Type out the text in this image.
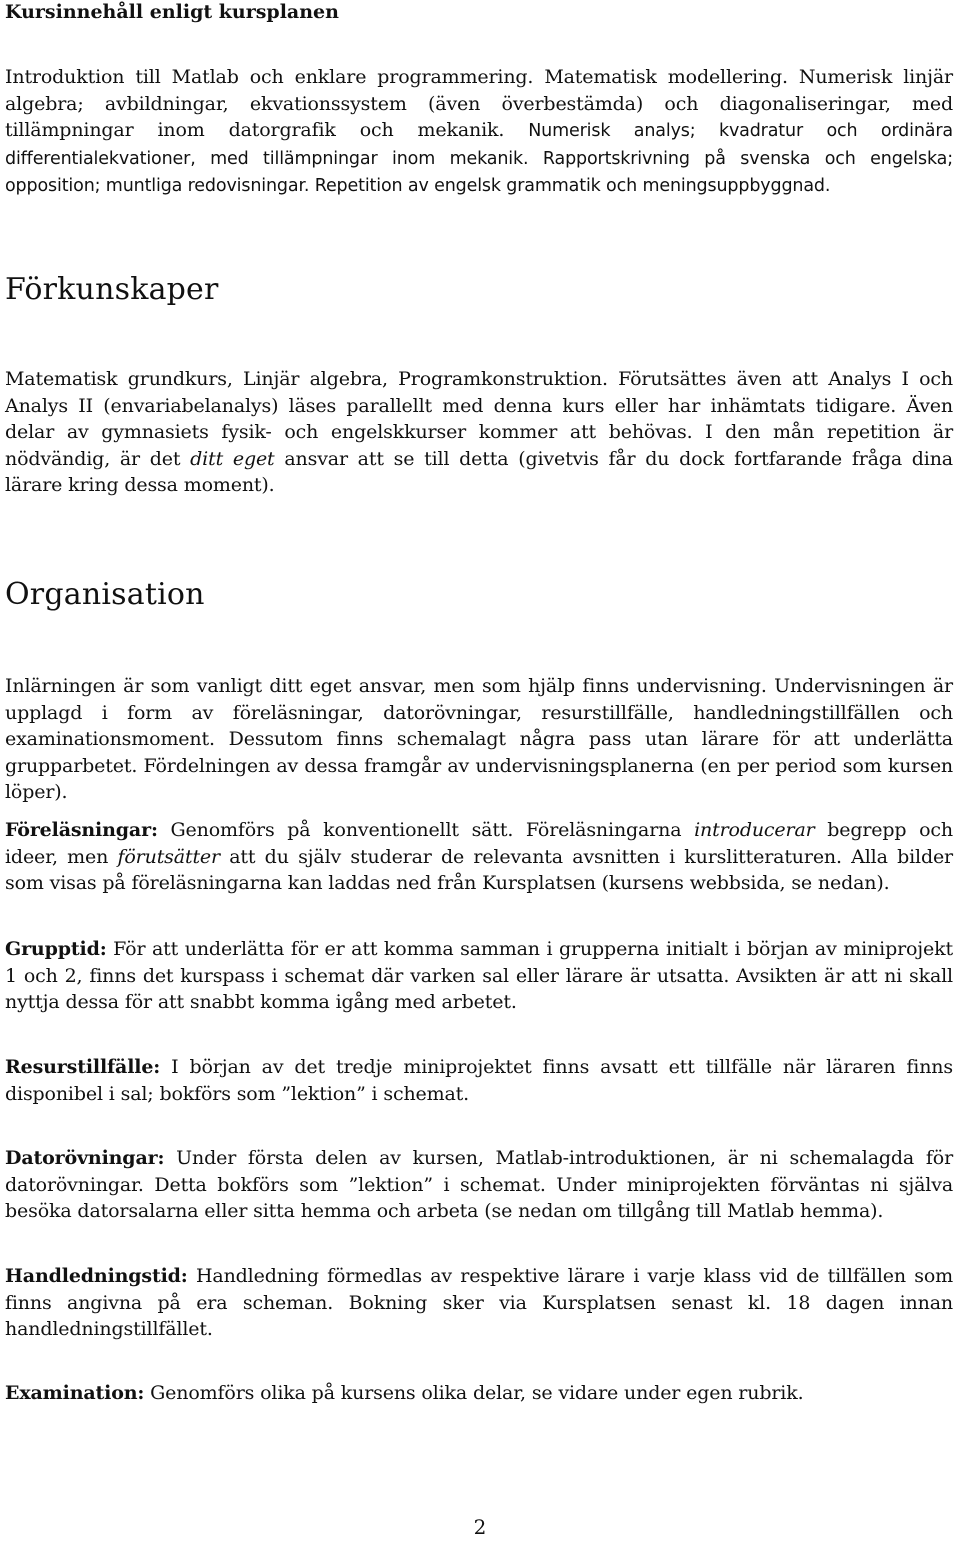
Kursinnehåll enligt kursplanen

Introduktion till Matlab och enklare programmering. Matematisk modellering. Numerisk linjär algebra; avbildningar, ekvationssystem (även överbestämda) och diagonaliseringar, med tillämpningar inom datorgrafik och mekanik. Numerisk analys; kvadratur och ordinära differentialekvationer, med tillämpningar inom mekanik. Rapportskrivning på svenska och engelska; opposition; muntliga redovisningar. Repetition av engelsk grammatik och meningsuppbyggnad.

Förkunskaper

Matematisk grundkurs, Linjär algebra, Programkonstruktion. Förutsättes även att Analys I och Analys II (envariabelanalys) läses parallellt med denna kurs eller har inhämtats tidigare. Även delar av gymnasiets fysik- och engelskkurser kommer att behövas. I den mån repetition är nödvändig, är det ditt eget ansvar att se till detta (givetvis får du dock fortfarande fråga dina lärare kring dessa moment).

Organisation

Inlärningen är som vanligt ditt eget ansvar, men som hjälp finns undervisning. Undervisningen är upplagd i form av föreläsningar, datorövningar, resurstillfälle, handledningstillfällen och examinationsmoment. Dessutom finns schemalagt några pass utan lärare för att underlätta grupparbetet. Fördelningen av dessa framgår av undervisningsplanerna (en per period som kursen löper).

Föreläsningar: Genomförs på konventionellt sätt. Föreläsningarna introducerar begrepp och ideer, men förutsätter att du själv studerar de relevanta avsnitten i kurslitteraturen. Alla bilder som visas på föreläsningarna kan laddas ned från Kursplatsen (kursens webbsida, se nedan).

Grupptid: För att underlätta för er att komma samman i grupperna initialt i början av miniprojekt 1 och 2, finns det kurspass i schemat där varken sal eller lärare är utsatta. Avsikten är att ni skall nyttja dessa för att snabbt komma igång med arbetet.

Resurstillfälle: I början av det tredje miniprojektet finns avsatt ett tillfälle när läraren finns disponibel i sal; bokförs som ”lektion” i schemat.

Datorövningar: Under första delen av kursen, Matlab-introduktionen, är ni schemalagda för datorövningar. Detta bokförs som ”lektion” i schemat. Under miniprojekten förväntas ni själva besöka datorsalarna eller sitta hemma och arbeta (se nedan om tillgång till Matlab hemma).

Handledningstid: Handledning förmedlas av respektive lärare i varje klass vid de tillfällen som finns angivna på era scheman. Bokning sker via Kursplatsen senast kl. 18 dagen innan handledningstillfället.

Examination: Genomförs olika på kursens olika delar, se vidare under egen rubrik.

2
